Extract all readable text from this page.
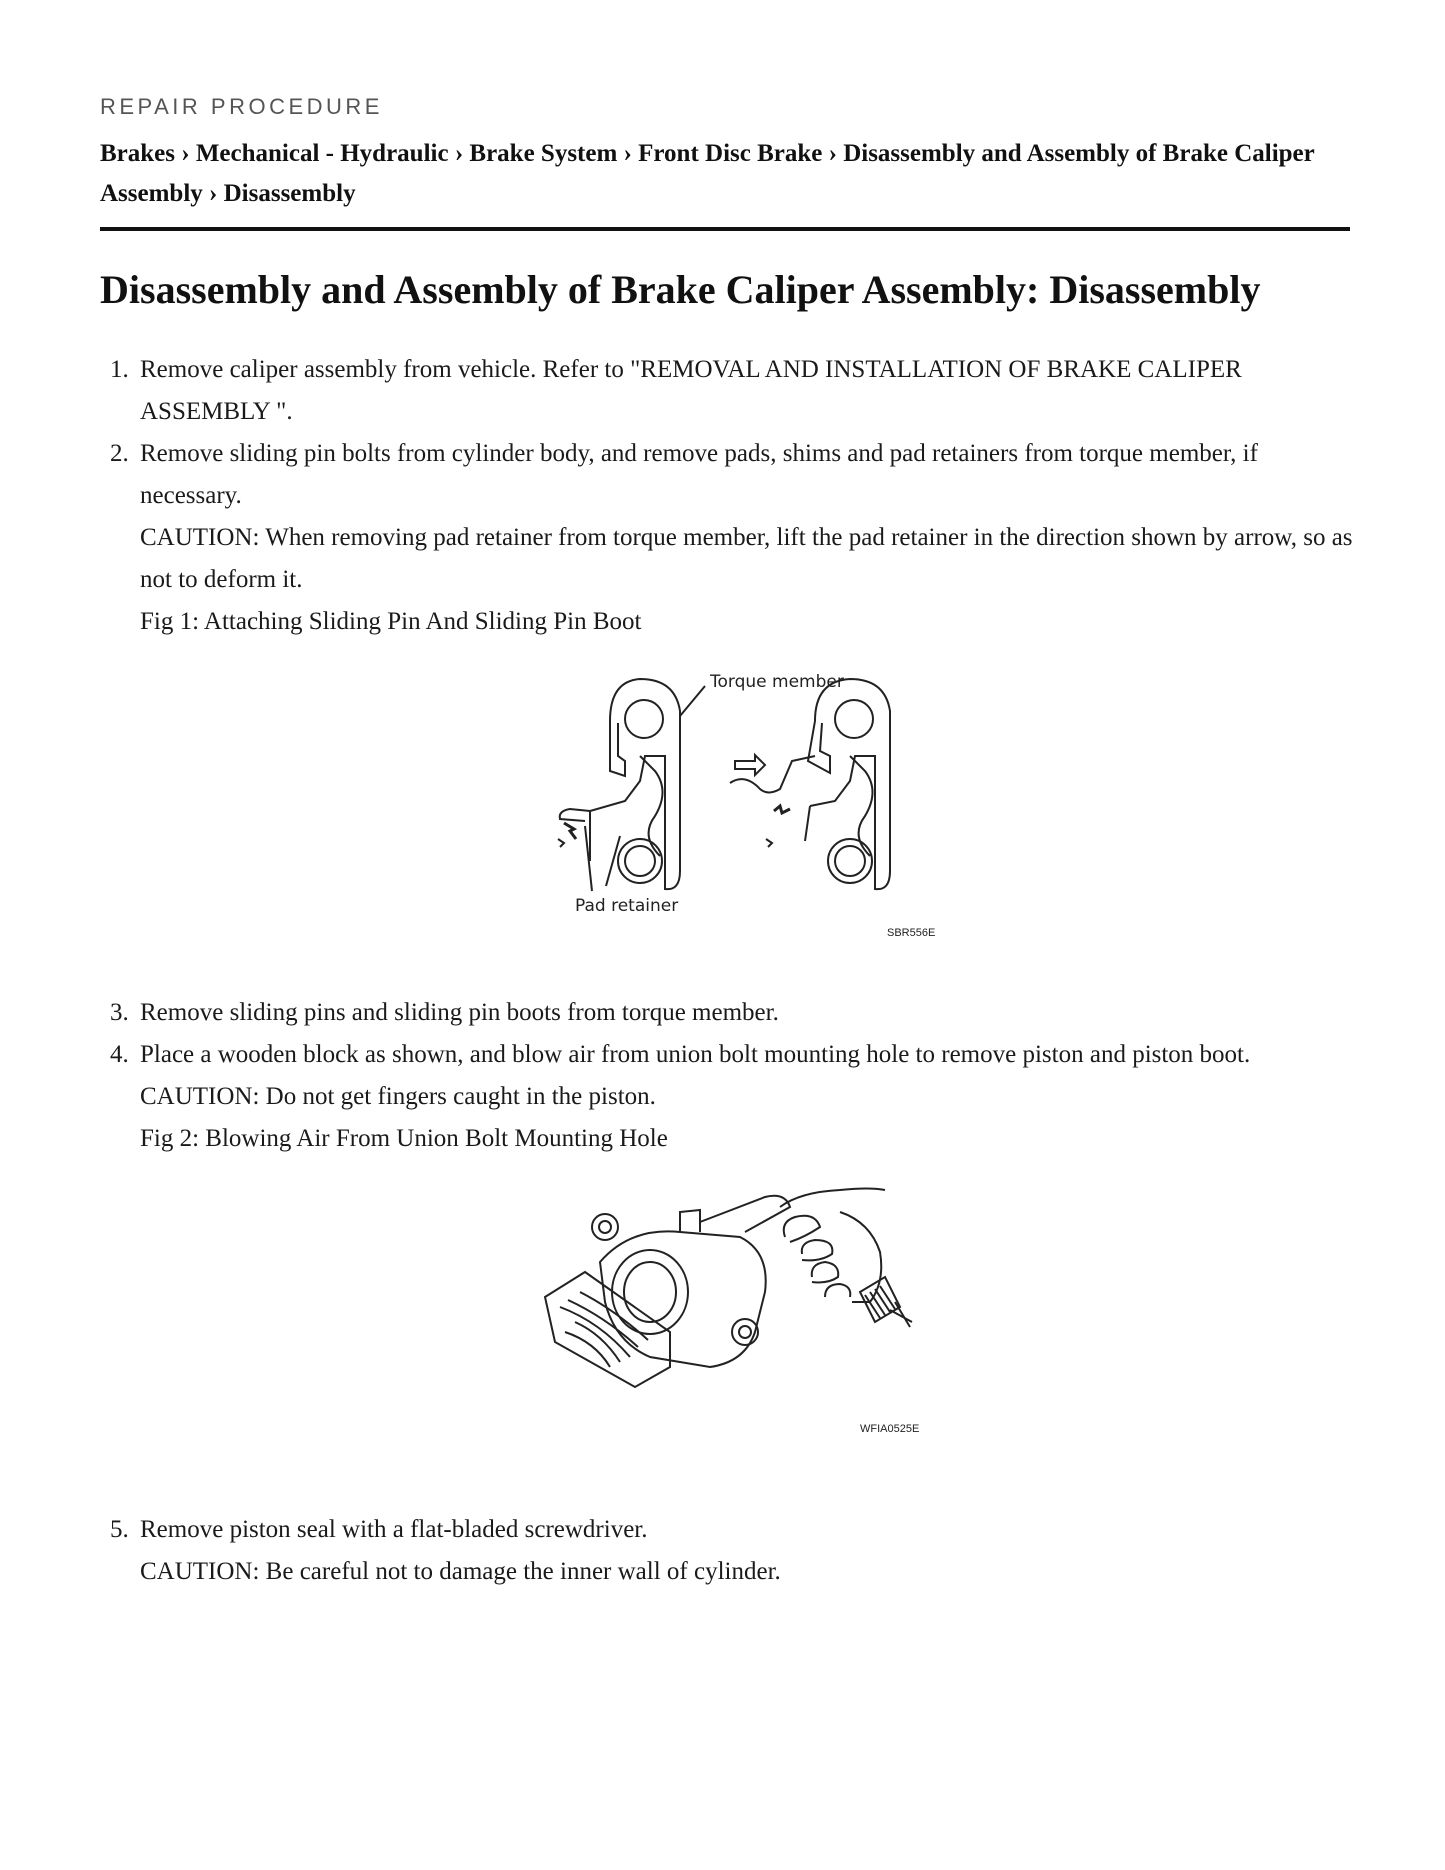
REPAIR PROCEDURE
Brakes › Mechanical - Hydraulic › Brake System › Front Disc Brake › Disassembly and Assembly of Brake Caliper Assembly › Disassembly
Disassembly and Assembly of Brake Caliper Assembly: Disassembly
1. Remove caliper assembly from vehicle. Refer to "REMOVAL AND INSTALLATION OF BRAKE CALIPER ASSEMBLY ".
2. Remove sliding pin bolts from cylinder body, and remove pads, shims and pad retainers from torque member, if necessary.
CAUTION: When removing pad retainer from torque member, lift the pad retainer in the direction shown by arrow, so as not to deform it.
Fig 1: Attaching Sliding Pin And Sliding Pin Boot
Torque member
Pad retainer
SBR556E
3. Remove sliding pins and sliding pin boots from torque member.
4. Place a wooden block as shown, and blow air from union bolt mounting hole to remove piston and piston boot.
CAUTION: Do not get fingers caught in the piston.
Fig 2: Blowing Air From Union Bolt Mounting Hole
WFIA0525E
5. Remove piston seal with a flat-bladed screwdriver.
CAUTION: Be careful not to damage the inner wall of cylinder.
